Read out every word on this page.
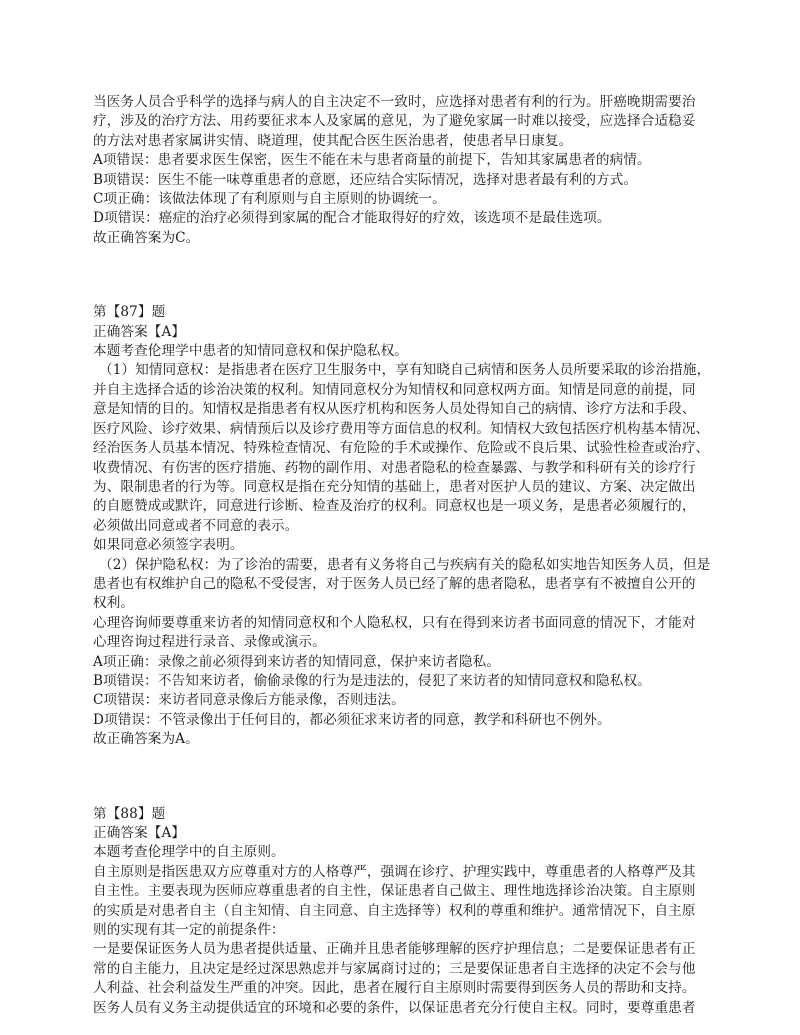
当医务人员合乎科学的选择与病人的自主决定不一致时，应选择对患者有利的行为。肝癌晚期需要治
疗，涉及的治疗方法、用药要征求本人及家属的意见，为了避免家属一时难以接受，应选择合适稳妥
的方法对患者家属讲实情、晓道理，使其配合医生医治患者，使患者早日康复。
A项错误：患者要求医生保密，医生不能在未与患者商量的前提下，告知其家属患者的病情。
B项错误：医生不能一味尊重患者的意愿，还应结合实际情况，选择对患者最有利的方式。
C项正确：该做法体现了有利原则与自主原则的协调统一。
D项错误：癌症的治疗必须得到家属的配合才能取得好的疗效，该选项不是最佳选项。
故正确答案为C。
第【87】题
正确答案【A】
本题考查伦理学中患者的知情同意权和保护隐私权。
（1）知情同意权：是指患者在医疗卫生服务中，享有知晓自己病情和医务人员所要采取的诊治措施，
并自主选择合适的诊治决策的权利。知情同意权分为知情权和同意权两方面。知情是同意的前提，同
意是知情的目的。知情权是指患者有权从医疗机构和医务人员处得知自己的病情、诊疗方法和手段、
医疗风险、诊疗效果、病情预后以及诊疗费用等方面信息的权利。知情权大致包括医疗机构基本情况、
经治医务人员基本情况、特殊检查情况、有危险的手术或操作、危险或不良后果、试验性检查或治疗、
收费情况、有伤害的医疗措施、药物的副作用、对患者隐私的检查暴露、与教学和科研有关的诊疗行
为、限制患者的行为等。同意权是指在充分知情的基础上，患者对医护人员的建议、方案、决定做出
的自愿赞成或默许，同意进行诊断、检查及治疗的权利。同意权也是一项义务，是患者必须履行的，
必须做出同意或者不同意的表示。
如果同意必须签字表明。
（2）保护隐私权：为了诊治的需要，患者有义务将自己与疾病有关的隐私如实地告知医务人员，但是
患者也有权维护自己的隐私不受侵害，对于医务人员已经了解的患者隐私，患者享有不被擅自公开的
权利。
心理咨询师要尊重来访者的知情同意权和个人隐私权，只有在得到来访者书面同意的情况下，才能对
心理咨询过程进行录音、录像或演示。
A项正确：录像之前必须得到来访者的知情同意，保护来访者隐私。
B项错误：不告知来访者，偷偷录像的行为是违法的，侵犯了来访者的知情同意权和隐私权。
C项错误：来访者同意录像后方能录像，否则违法。
D项错误：不管录像出于任何目的，都必须征求来访者的同意，教学和科研也不例外。
故正确答案为A。
第【88】题
正确答案【A】
本题考查伦理学中的自主原则。
自主原则是指医患双方应尊重对方的人格尊严，强调在诊疗、护理实践中，尊重患者的人格尊严及其
自主性。主要表现为医师应尊重患者的自主性，保证患者自己做主、理性地选择诊治决策。自主原则
的实质是对患者自主（自主知情、自主同意、自主选择等）权利的尊重和维护。通常情况下，自主原
则的实现有其一定的前提条件：
一是要保证医务人员为患者提供适量、正确并且患者能够理解的医疗护理信息；二是要保证患者有正
常的自主能力，且决定是经过深思熟虑并与家属商讨过的；三是要保证患者自主选择的决定不会与他
人利益、社会利益发生严重的冲突。因此，患者在履行自主原则时需要得到医务人员的帮助和支持。
医务人员有义务主动提供适宜的环境和必要的条件，以保证患者充分行使自主权。同时，要尊重患者
